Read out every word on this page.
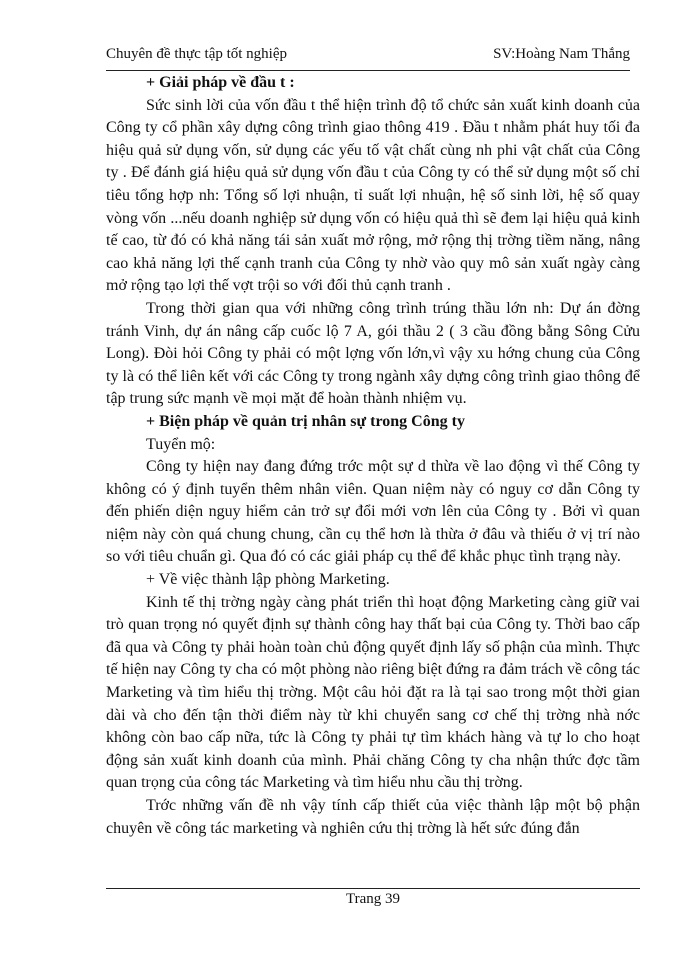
Chuyên đề thực tập tốt nghiệp	SV:Hoàng Nam Thắng

+ Giải pháp về đầu t :

Sức sinh lời của vốn đầu t thể hiện trình độ tổ chức sản xuất kinh doanh của Công ty cổ phần xây dựng công trình giao thông 419 . Đầu t nhằm phát huy tối đa hiệu quả sử dụng vốn, sử dụng các yếu tố vật chất cùng nh phi vật chất của Công ty . Để đánh giá hiệu quả sử dụng vốn đầu t của Công ty có thể sử dụng một số chỉ tiêu tổng hợp nh: Tổng số lợi nhuận, tỉ suất lợi nhuận, hệ số sinh lời, hệ số quay vòng vốn ...nếu doanh nghiệp sử dụng vốn có hiệu quả thì sẽ đem lại hiệu quả kinh tế cao, từ đó có khả năng tái sản xuất mở rộng, mở rộng thị trờng tiềm năng, nâng cao khả năng lợi thế cạnh tranh của Công ty nhờ vào quy mô sản xuất ngày càng mở rộng tạo lợi thế vợt trội so với đối thủ cạnh tranh .

Trong thời gian qua với những công trình trúng thầu lớn nh: Dự án đờng tránh Vinh, dự án nâng cấp cuốc lộ 7 A, gói thầu 2 ( 3 cầu đồng bằng Sông Cửu Long). Đòi hỏi Công ty phải có một lợng vốn lớn,vì vậy xu hớng chung của Công ty là có thể liên kết với các Công ty trong ngành xây dựng công trình giao thông để tập trung sức mạnh về mọi mặt để hoàn thành nhiệm vụ.

+ Biện pháp về quản trị nhân sự trong Công ty

Tuyển mộ:

Công ty hiện nay đang đứng trớc một sự d thừa về lao động vì thế Công ty không có ý định tuyển thêm nhân viên. Quan niệm này có nguy cơ dẫn Công ty đến phiến diện nguy hiểm cản trở sự đổi mới vơn lên của Công ty . Bởi vì quan niệm này còn quá chung chung, cần cụ thể hơn là thừa ở đâu và thiếu ở vị trí nào so với tiêu chuẩn gì. Qua đó có các giải pháp cụ thể để khắc phục tình trạng này.

+ Về việc thành lập phòng Marketing.

Kinh tế thị trờng ngày càng phát triển thì hoạt động Marketing càng giữ vai trò quan trọng nó quyết định sự thành công hay thất bại của Công ty. Thời bao cấp đã qua và Công ty phải hoàn toàn chủ động quyết định lấy số phận của mình. Thực tế hiện nay Công ty cha có một phòng nào riêng biệt đứng ra đảm trách về công tác Marketing và tìm hiểu thị trờng. Một câu hỏi đặt ra là tại sao trong một thời gian dài và cho đến tận thời điểm này từ khi chuyển sang cơ chế thị trờng nhà nớc không còn bao cấp nữa, tức là Công ty phải tự tìm khách hàng và tự lo cho hoạt động sản xuất kinh doanh của mình. Phải chăng Công ty cha nhận thức đợc tầm quan trọng của công tác Marketing và tìm hiểu nhu cầu thị trờng.

Trớc những vấn đề nh vậy tính cấp thiết của việc thành lập một bộ phận chuyên về công tác marketing và nghiên cứu thị trờng là hết sức đúng đắn

Trang 39
